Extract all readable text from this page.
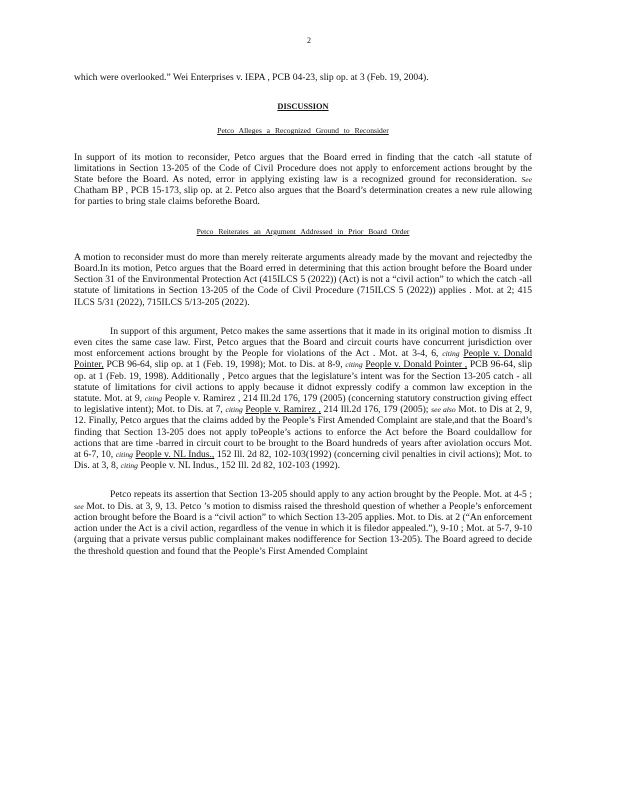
2

which were overlooked.” Wei Enterprises v. IEPA , PCB 04-23, slip op. at 3 (Feb. 19, 2004).

DISCUSSION

Petco Alleges a Recognized Ground to Reconsider

In support of its motion to reconsider, Petco argues that the Board erred in finding that the catch -all statute of limitations in Section 13-205 of the Code of Civil Procedure does not apply to enforcement actions brought by the State before the Board. As noted, error in applying existing law is a recognized ground for reconsideration. See Chatham BP , PCB 15-173, slip op. at 2. Petco also argues that the Board’s determination creates a new rule allowing for parties to bring stale claims beforethe Board.

Petco Reiterates an Argument Addressed in Prior Board Order

A motion to reconsider must do more than merely reiterate arguments already made by the movant and rejectedby the Board.In its motion, Petco argues that the Board erred in determining that this action brought before the Board under Section 31 of the Environmental Protection Act (415ILCS 5 (2022)) (Act) is not a “civil action” to which the catch -all statute of limitations in Section 13-205 of the Code of Civil Procedure (715ILCS 5 (2022)) applies . Mot. at 2; 415 ILCS 5/31 (2022), 715ILCS 5/13-205 (2022).

In support of this argument, Petco makes the same assertions that it made in its original motion to dismiss .It even cites the same case law. First, Petco argues that the Board and circuit courts have concurrent jurisdiction over most enforcement actions brought by the People for violations of the Act . Mot. at 3-4, 6, citing People v. Donald Pointer, PCB 96-64, slip op. at 1 (Feb. 19, 1998); Mot. to Dis. at 8-9, citing People v. Donald Pointer , PCB 96-64, slip op. at 1 (Feb. 19, 1998). Additionally , Petco argues that the legislature’s intent was for the Section 13-205 catch - all statute of limitations for civil actions to apply because it didnot expressly codify a common law exception in the statute. Mot. at 9, citing People v. Ramirez , 214 Ill.2d 176, 179 (2005) (concerning statutory construction giving effect to legislative intent); Mot. to Dis. at 7, citing People v. Ramirez , 214 Ill.2d 176, 179 (2005); see also Mot. to Dis at 2, 9, 12. Finally, Petco argues that the claims added by the People’s First Amended Complaint are stale,and that the Board’s finding that Section 13-205 does not apply toPeople’s actions to enforce the Act before the Board couldallow for actions that are time -barred in circuit court to be brought to the Board hundreds of years after aviolation occurs Mot. at 6-7, 10, citing People v. NL Indus., 152 Ill. 2d 82, 102-103(1992) (concerning civil penalties in civil actions); Mot. to Dis. at 3, 8, citing People v. NL Indus., 152 Ill. 2d 82, 102-103 (1992).

Petco repeats its assertion that Section 13-205 should apply to any action brought by the People. Mot. at 4-5 ; see Mot. to Dis. at 3, 9, 13. Petco ’s motion to dismiss raised the threshold question of whether a People’s enforcement action brought before the Board is a “civil action” to which Section 13-205 applies. Mot. to Dis. at 2 (“An enforcement action under the Act is a civil action, regardless of the venue in which it is filedor appealed.”), 9-10 ; Mot. at 5-7, 9-10 (arguing that a private versus public complainant makes nodifference for Section 13-205). The Board agreed to decide the threshold question and found that the People’s First Amended Complaint
